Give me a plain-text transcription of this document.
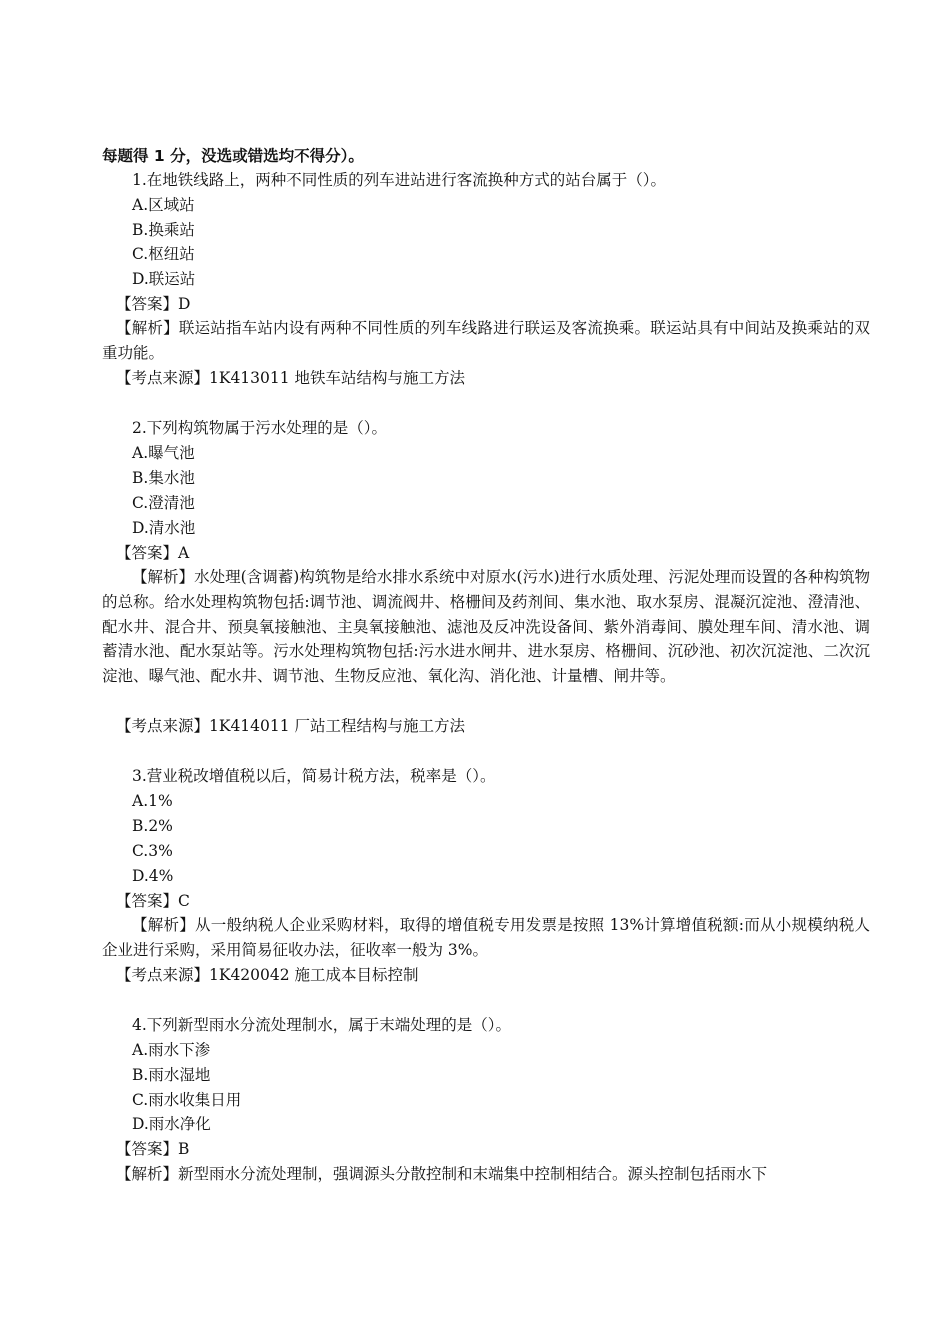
每题得 1 分，没选或错选均不得分）。
1.在地铁线路上，两种不同性质的列车进站进行客流换种方式的站台属于（）。
A.区域站
B.换乘站
C.枢纽站
D.联运站
【答案】D
【解析】联运站指车站内设有两种不同性质的列车线路进行联运及客流换乘。联运站具有中间站及换乘站的双重功能。
【考点来源】1K413011 地铁车站结构与施工方法
2.下列构筑物属于污水处理的是（）。
A.曝气池
B.集水池
C.澄清池
D.清水池
【答案】A
【解析】水处理(含调蓄)构筑物是给水排水系统中对原水(污水)进行水质处理、污泥处理而设置的各种构筑物的总称。给水处理构筑物包括:调节池、调流阀井、格栅间及药剂间、集水池、取水泵房、混凝沉淀池、澄清池、配水井、混合井、预臭氧接触池、主臭氧接触池、滤池及反冲洗设备间、紫外消毒间、膜处理车间、清水池、调蓄清水池、配水泵站等。污水处理构筑物包括:污水进水闸井、进水泵房、格栅间、沉砂池、初次沉淀池、二次沉淀池、曝气池、配水井、调节池、生物反应池、氧化沟、消化池、计量槽、闸井等。
【考点来源】1K414011 厂站工程结构与施工方法
3.营业税改增值税以后，简易计税方法，税率是（）。
A.1%
B.2%
C.3%
D.4%
【答案】C
【解析】从一般纳税人企业采购材料，取得的增值税专用发票是按照 13%计算增值税额:而从小规模纳税人企业进行采购，采用简易征收办法，征收率一般为 3%。
【考点来源】1K420042 施工成本目标控制
4.下列新型雨水分流处理制水，属于末端处理的是（）。
A.雨水下渗
B.雨水湿地
C.雨水收集日用
D.雨水净化
【答案】B
【解析】新型雨水分流处理制，强调源头分散控制和末端集中控制相结合。源头控制包括雨水下
